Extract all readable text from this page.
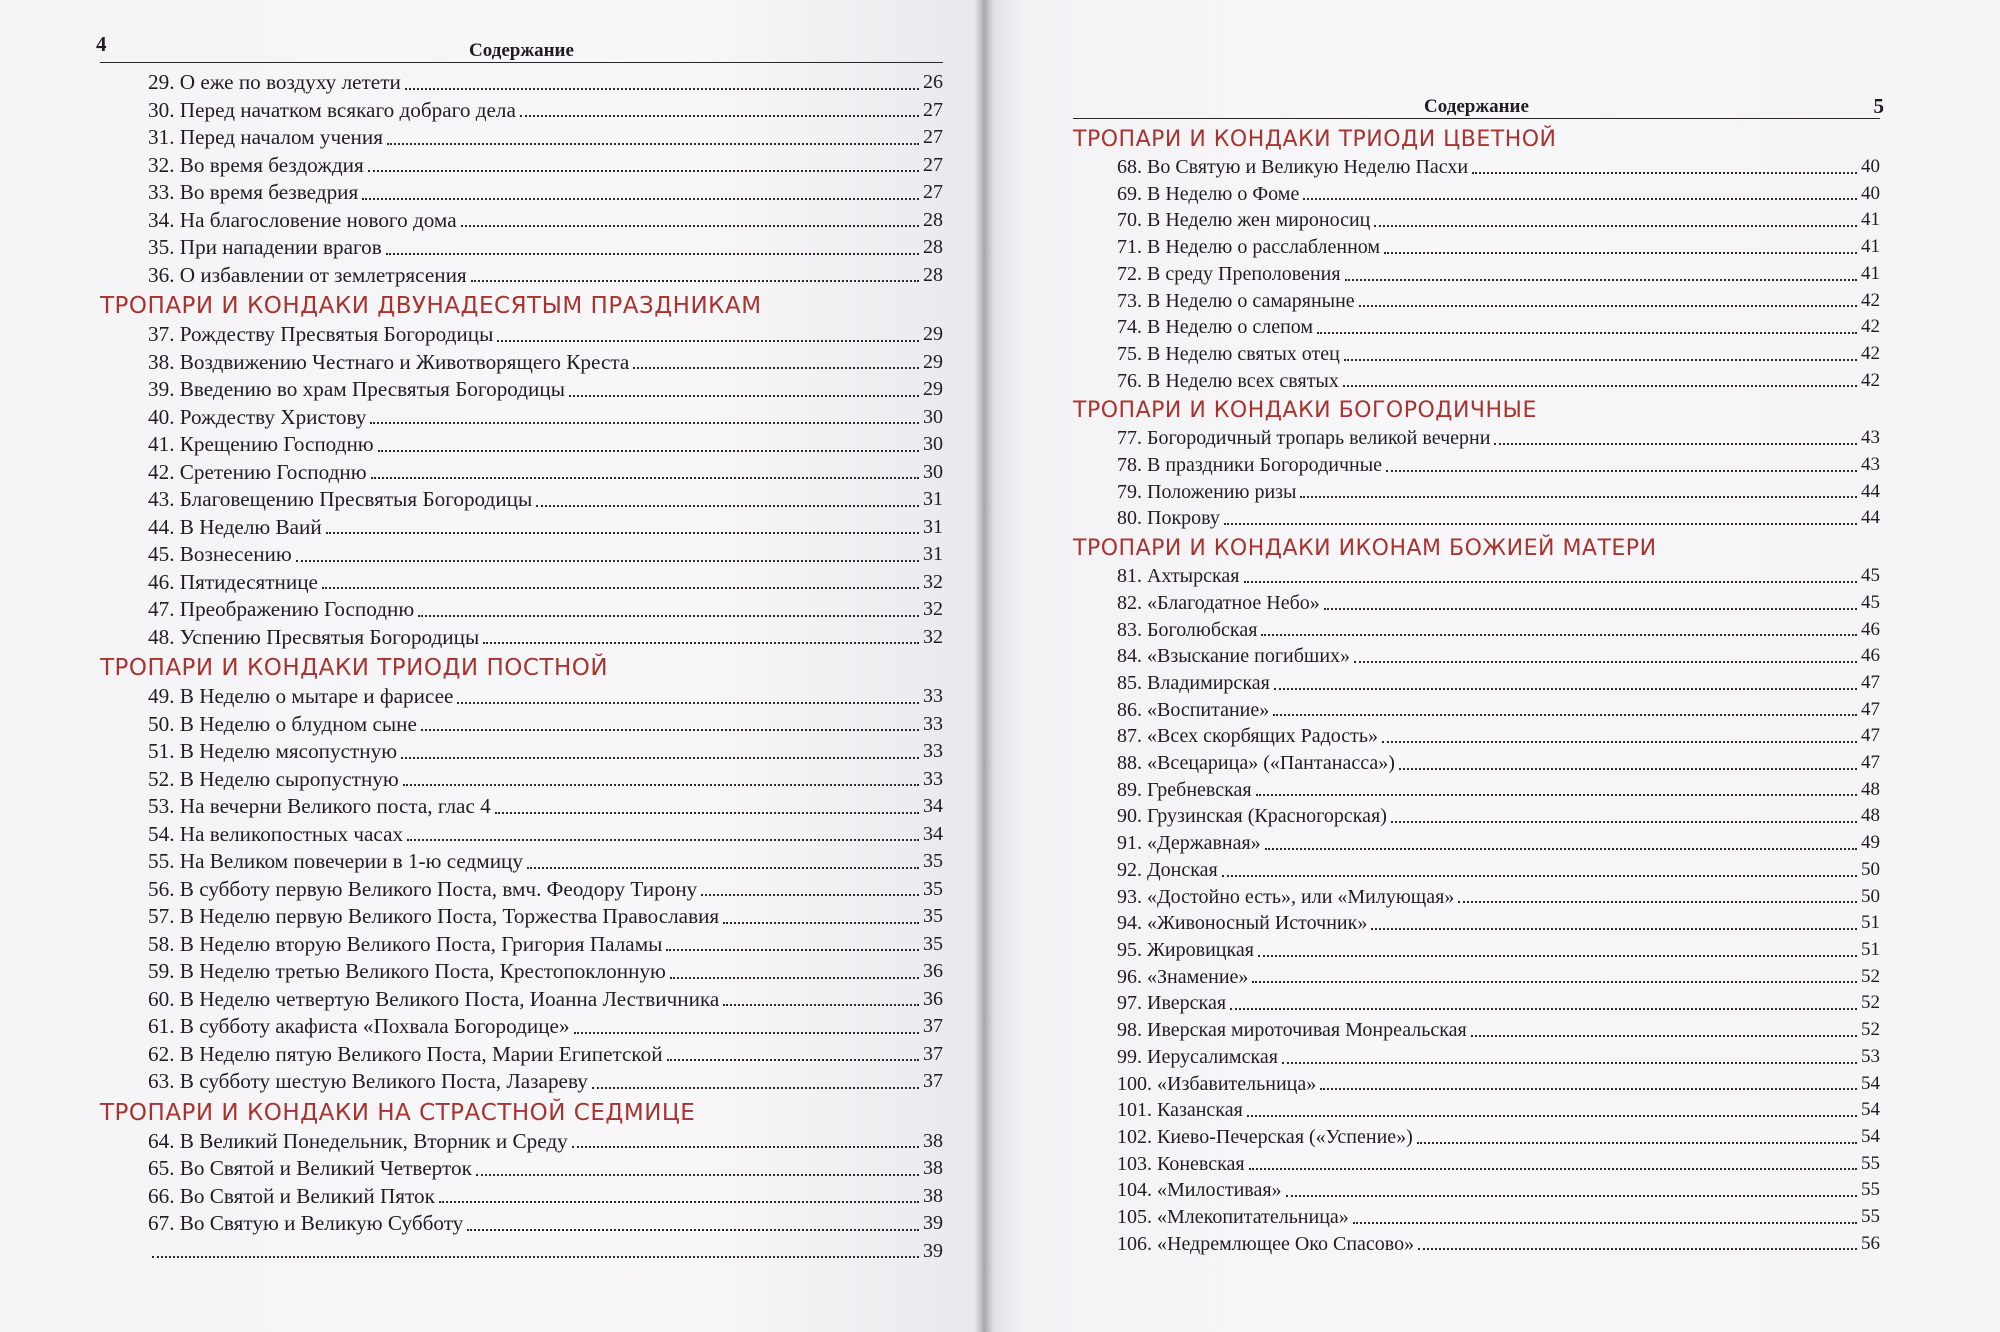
4	Содержание
29. О еже по воздуху летети	26
30. Перед начатком всякаго добраго дела	27
31. Перед началом учения	27
32. Во время бездождия	27
33. Во время безведрия	27
34. На благословение нового дома	28
35. При нападении врагов	28
36. О избавлении от землетрясения	28
ТРОПАРИ И КОНДАКИ ДВУНАДЕСЯТЫМ ПРАЗДНИКАМ
37. Рождеству Пресвятыя Богородицы	29
38. Воздвижению Честнаго и Животворящего Креста	29
39. Введению во храм Пресвятыя Богородицы	29
40. Рождеству Христову	30
41. Крещению Господню	30
42. Сретению Господню	30
43. Благовещению Пресвятыя Богородицы	31
44. В Неделю Ваий	31
45. Вознесению	31
46. Пятидесятнице	32
47. Преображению Господню	32
48. Успению Пресвятыя Богородицы	32
ТРОПАРИ И КОНДАКИ ТРИОДИ ПОСТНОЙ
49. В Неделю о мытаре и фарисее	33
50. В Неделю о блудном сыне	33
51. В Неделю мясопустную	33
52. В Неделю сыропустную	33
53. На вечерни Великого поста, глас 4	34
54. На великопостных часах	34
55. На Великом повечерии в 1-ю седмицу	35
56. В субботу первую Великого Поста, вмч. Феодору Тирону	35
57. В Неделю первую Великого Поста, Торжества Православия	35
58. В Неделю вторую Великого Поста, Григория Паламы	35
59. В Неделю третью Великого Поста, Крестопоклонную	36
60. В Неделю четвертую Великого Поста, Иоанна Лествичника	36
61. В субботу акафиста «Похвала Богородице»	37
62. В Неделю пятую Великого Поста, Марии Египетской	37
63. В субботу шестую Великого Поста, Лазареву	37
ТРОПАРИ И КОНДАКИ НА СТРАСТНОЙ СЕДМИЦЕ
64. В Великий Понедельник, Вторник и Среду	38
65. Во Святой и Великий Четверток	38
66. Во Святой и Великий Пяток	38
67. Во Святую и Великую Субботу	39
39
Содержание	5
ТРОПАРИ И КОНДАКИ ТРИОДИ ЦВЕТНОЙ
68. Во Святую и Великую Неделю Пасхи	40
69. В Неделю о Фоме	40
70. В Неделю жен мироносиц	41
71. В Неделю о расслабленном	41
72. В среду Преполовения	41
73. В Неделю о самаряныне	42
74. В Неделю о слепом	42
75. В Неделю святых отец	42
76. В Неделю всех святых	42
ТРОПАРИ И КОНДАКИ БОГОРОДИЧНЫЕ
77. Богородичный тропарь великой вечерни	43
78. В праздники Богородичные	43
79. Положению ризы	44
80. Покрову	44
ТРОПАРИ И КОНДАКИ ИКОНАМ БОЖИЕЙ МАТЕРИ
81. Ахтырская	45
82. «Благодатное Небо»	45
83. Боголюбская	46
84. «Взыскание погибших»	46
85. Владимирская	47
86. «Воспитание»	47
87. «Всех скорбящих Радость»	47
88. «Всецарица» («Пантанасса»)	47
89. Гребневская	48
90. Грузинская (Красногорская)	48
91. «Державная»	49
92. Донская	50
93. «Достойно есть», или «Милующая»	50
94. «Живоносный Источник»	51
95. Жировицкая	51
96. «Знамение»	52
97. Иверская	52
98. Иверская мироточивая Монреальская	52
99. Иерусалимская	53
100. «Избавительница»	54
101. Казанская	54
102. Киево-Печерская («Успение»)	54
103. Коневская	55
104. «Милостивая»	55
105. «Млекопитательница»	55
106. «Недремлющее Око Спасово»	56
